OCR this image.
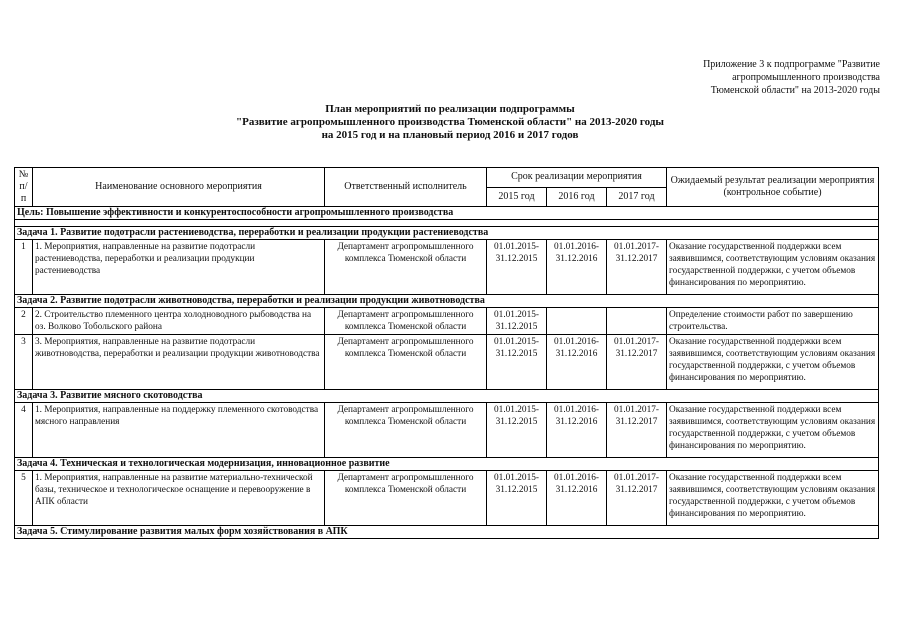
Приложение 3 к подпрограмме "Развитие
агропромышленного производства
Тюменской области" на 2013-2020 годы
План мероприятий по реализации подпрограммы
"Развитие агропромышленного производства Тюменской области" на 2013-2020 годы
на 2015 год и на плановый период 2016 и 2017 годов
№ п/п	Наименование основного мероприятия	Ответственный исполнитель	Срок реализации мероприятия			Ожидаемый результат реализации мероприятия (контрольное событие)
			2015 год	2016 год	2017 год	
Цель: Повышение эффективности и конкурентоспособности агропромышленного производства						

Задача 1. Развитие подотрасли растениеводства, переработки и реализации продукции растениеводства						
1	1. Мероприятия, направленные на развитие подотрасли растениеводства, переработки и реализации продукции растениеводства	Департамент агропромышленного комплекса Тюменской области	01.01.2015- 31.12.2015	01.01.2016- 31.12.2016	01.01.2017- 31.12.2017	Оказание государственной поддержки всем заявившимся, соответствующим условиям оказания государственной поддержки, с учетом объемов финансирования по мероприятию.
Задача 2. Развитие подотрасли животноводства, переработки и реализации продукции животноводства						
2	2. Строительство племенного центра холодноводного рыбоводства на оз. Волково Тобольского района	Департамент агропромышленного комплекса Тюменской области	01.01.2015- 31.12.2015			Определение стоимости работ по завершению строительства.
3	3. Мероприятия, направленные на развитие подотрасли животноводства, переработки и реализации продукции животноводства	Департамент агропромышленного комплекса Тюменской области	01.01.2015- 31.12.2015	01.01.2016- 31.12.2016	01.01.2017- 31.12.2017	Оказание государственной поддержки всем заявившимся, соответствующим условиям оказания государственной поддержки, с учетом объемов финансирования по мероприятию.
Задача 3. Развитие мясного скотоводства						
4	1. Мероприятия, направленные на поддержку племенного скотоводства мясного направления	Департамент агропромышленного комплекса Тюменской области	01.01.2015- 31.12.2015	01.01.2016- 31.12.2016	01.01.2017- 31.12.2017	Оказание государственной поддержки всем заявившимся, соответствующим условиям оказания государственной поддержки, с учетом объемов финансирования по мероприятию.
Задача 4. Техническая и технологическая модернизация, инновационное развитие						
5	1. Мероприятия, направленные на развитие материально-технической базы, техническое и технологическое оснащение и перевооружение в АПК области	Департамент агропромышленного комплекса Тюменской области	01.01.2015- 31.12.2015	01.01.2016- 31.12.2016	01.01.2017- 31.12.2017	Оказание государственной поддержки всем заявившимся, соответствующим условиям оказания государственной поддержки, с учетом объемов финансирования по мероприятию.
Задача 5. Стимулирование развития малых форм хозяйствования в АПК						
